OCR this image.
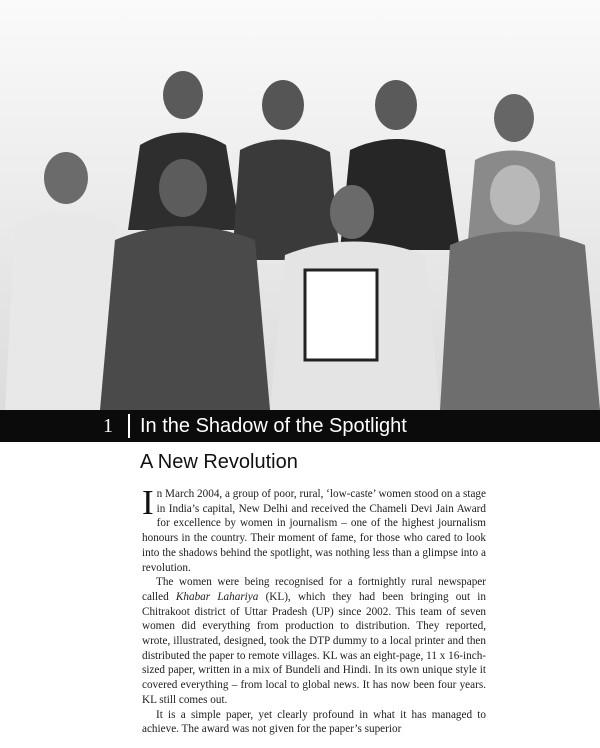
1	In the Shadow of the Spotlight
A New Revolution

In March 2004, a group of poor, rural, ‘low-caste’ women stood on a stage in India’s capital, New Delhi and received the Chameli Devi Jain Award for excellence by women in journalism – one of the highest journalism honours in the country. Their moment of fame, for those who cared to look into the shadows behind the spotlight, was nothing less than a glimpse into a revolution.

The women were being recognised for a fortnightly rural newspaper called Khabar Lahariya (KL), which they had been bringing out in Chitrakoot district of Uttar Pradesh (UP) since 2002. This team of seven women did everything from production to distribution. They reported, wrote, illustrated, designed, took the DTP dummy to a local printer and then distributed the paper to remote villages. KL was an eight-page, 11 x 16-inch-sized paper, written in a mix of Bundeli and Hindi. In its own unique style it covered everything – from local to global news. It has now been four years. KL still comes out.

It is a simple paper, yet clearly profound in what it has managed to achieve. The award was not given for the paper’s superior
